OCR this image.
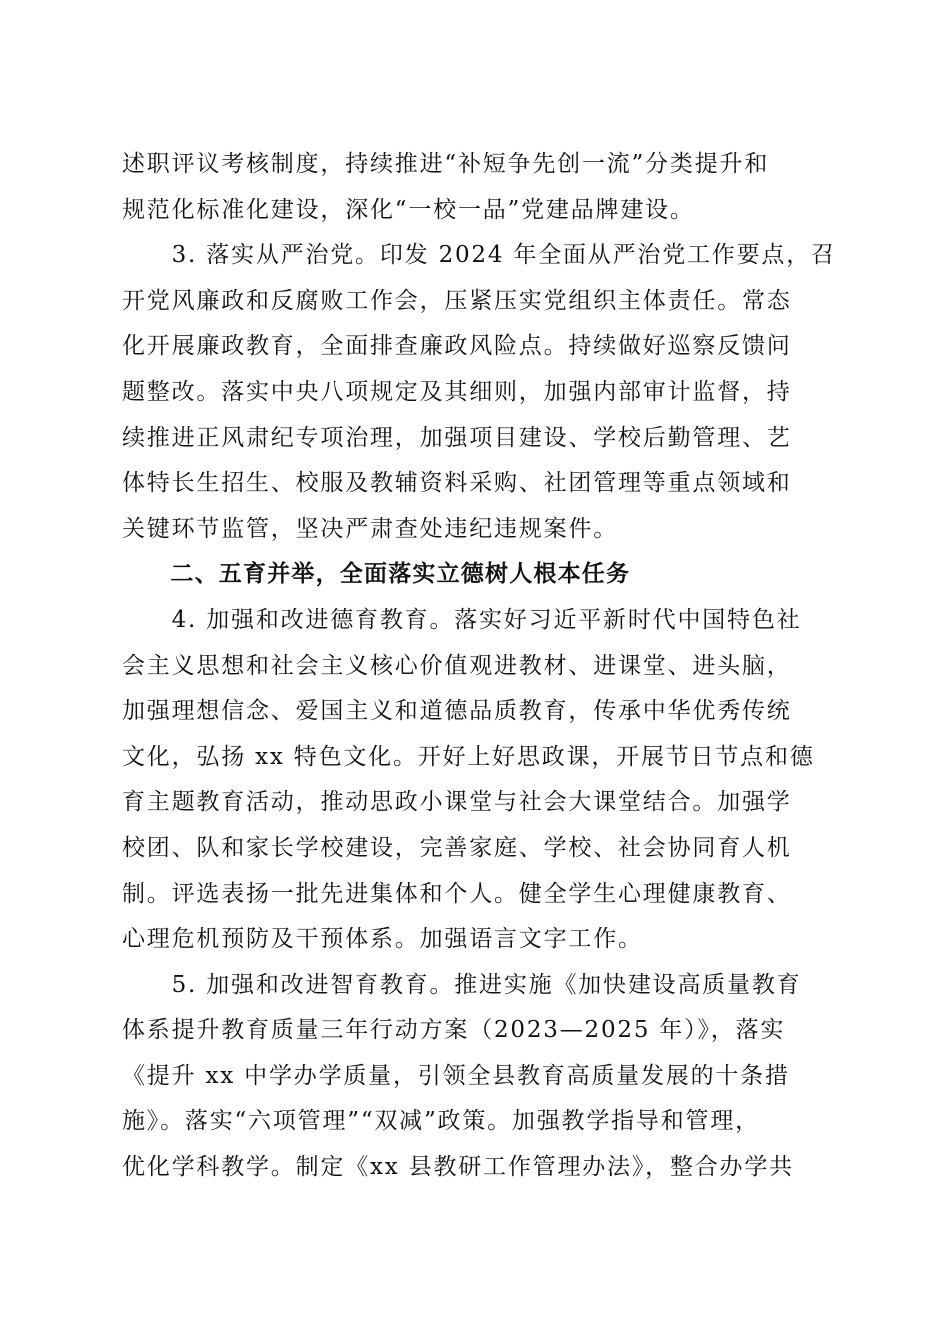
述职评议考核制度，持续推进“补短争先创一流”分类提升和
规范化标准化建设，深化“一校一品”党建品牌建设。
　　3. 落实从严治党。印发 2024 年全面从严治党工作要点，召
开党风廉政和反腐败工作会，压紧压实党组织主体责任。常态
化开展廉政教育，全面排查廉政风险点。持续做好巡察反馈问
题整改。落实中央八项规定及其细则，加强内部审计监督，持
续推进正风肃纪专项治理，加强项目建设、学校后勤管理、艺
体特长生招生、校服及教辅资料采购、社团管理等重点领域和
关键环节监管，坚决严肃查处违纪违规案件。
　　二、五育并举，全面落实立德树人根本任务
　　4. 加强和改进德育教育。落实好习近平新时代中国特色社
会主义思想和社会主义核心价值观进教材、进课堂、进头脑，
加强理想信念、爱国主义和道德品质教育，传承中华优秀传统
文化，弘扬 xx 特色文化。开好上好思政课，开展节日节点和德
育主题教育活动，推动思政小课堂与社会大课堂结合。加强学
校团、队和家长学校建设，完善家庭、学校、社会协同育人机
制。评选表扬一批先进集体和个人。健全学生心理健康教育、
心理危机预防及干预体系。加强语言文字工作。
　　5. 加强和改进智育教育。推进实施《加快建设高质量教育
体系提升教育质量三年行动方案（2023—2025 年）》，落实
《提升 xx 中学办学质量，引领全县教育高质量发展的十条措
施》。落实“六项管理”“双减”政策。加强教学指导和管理，
优化学科教学。制定《xx 县教研工作管理办法》，整合办学共
